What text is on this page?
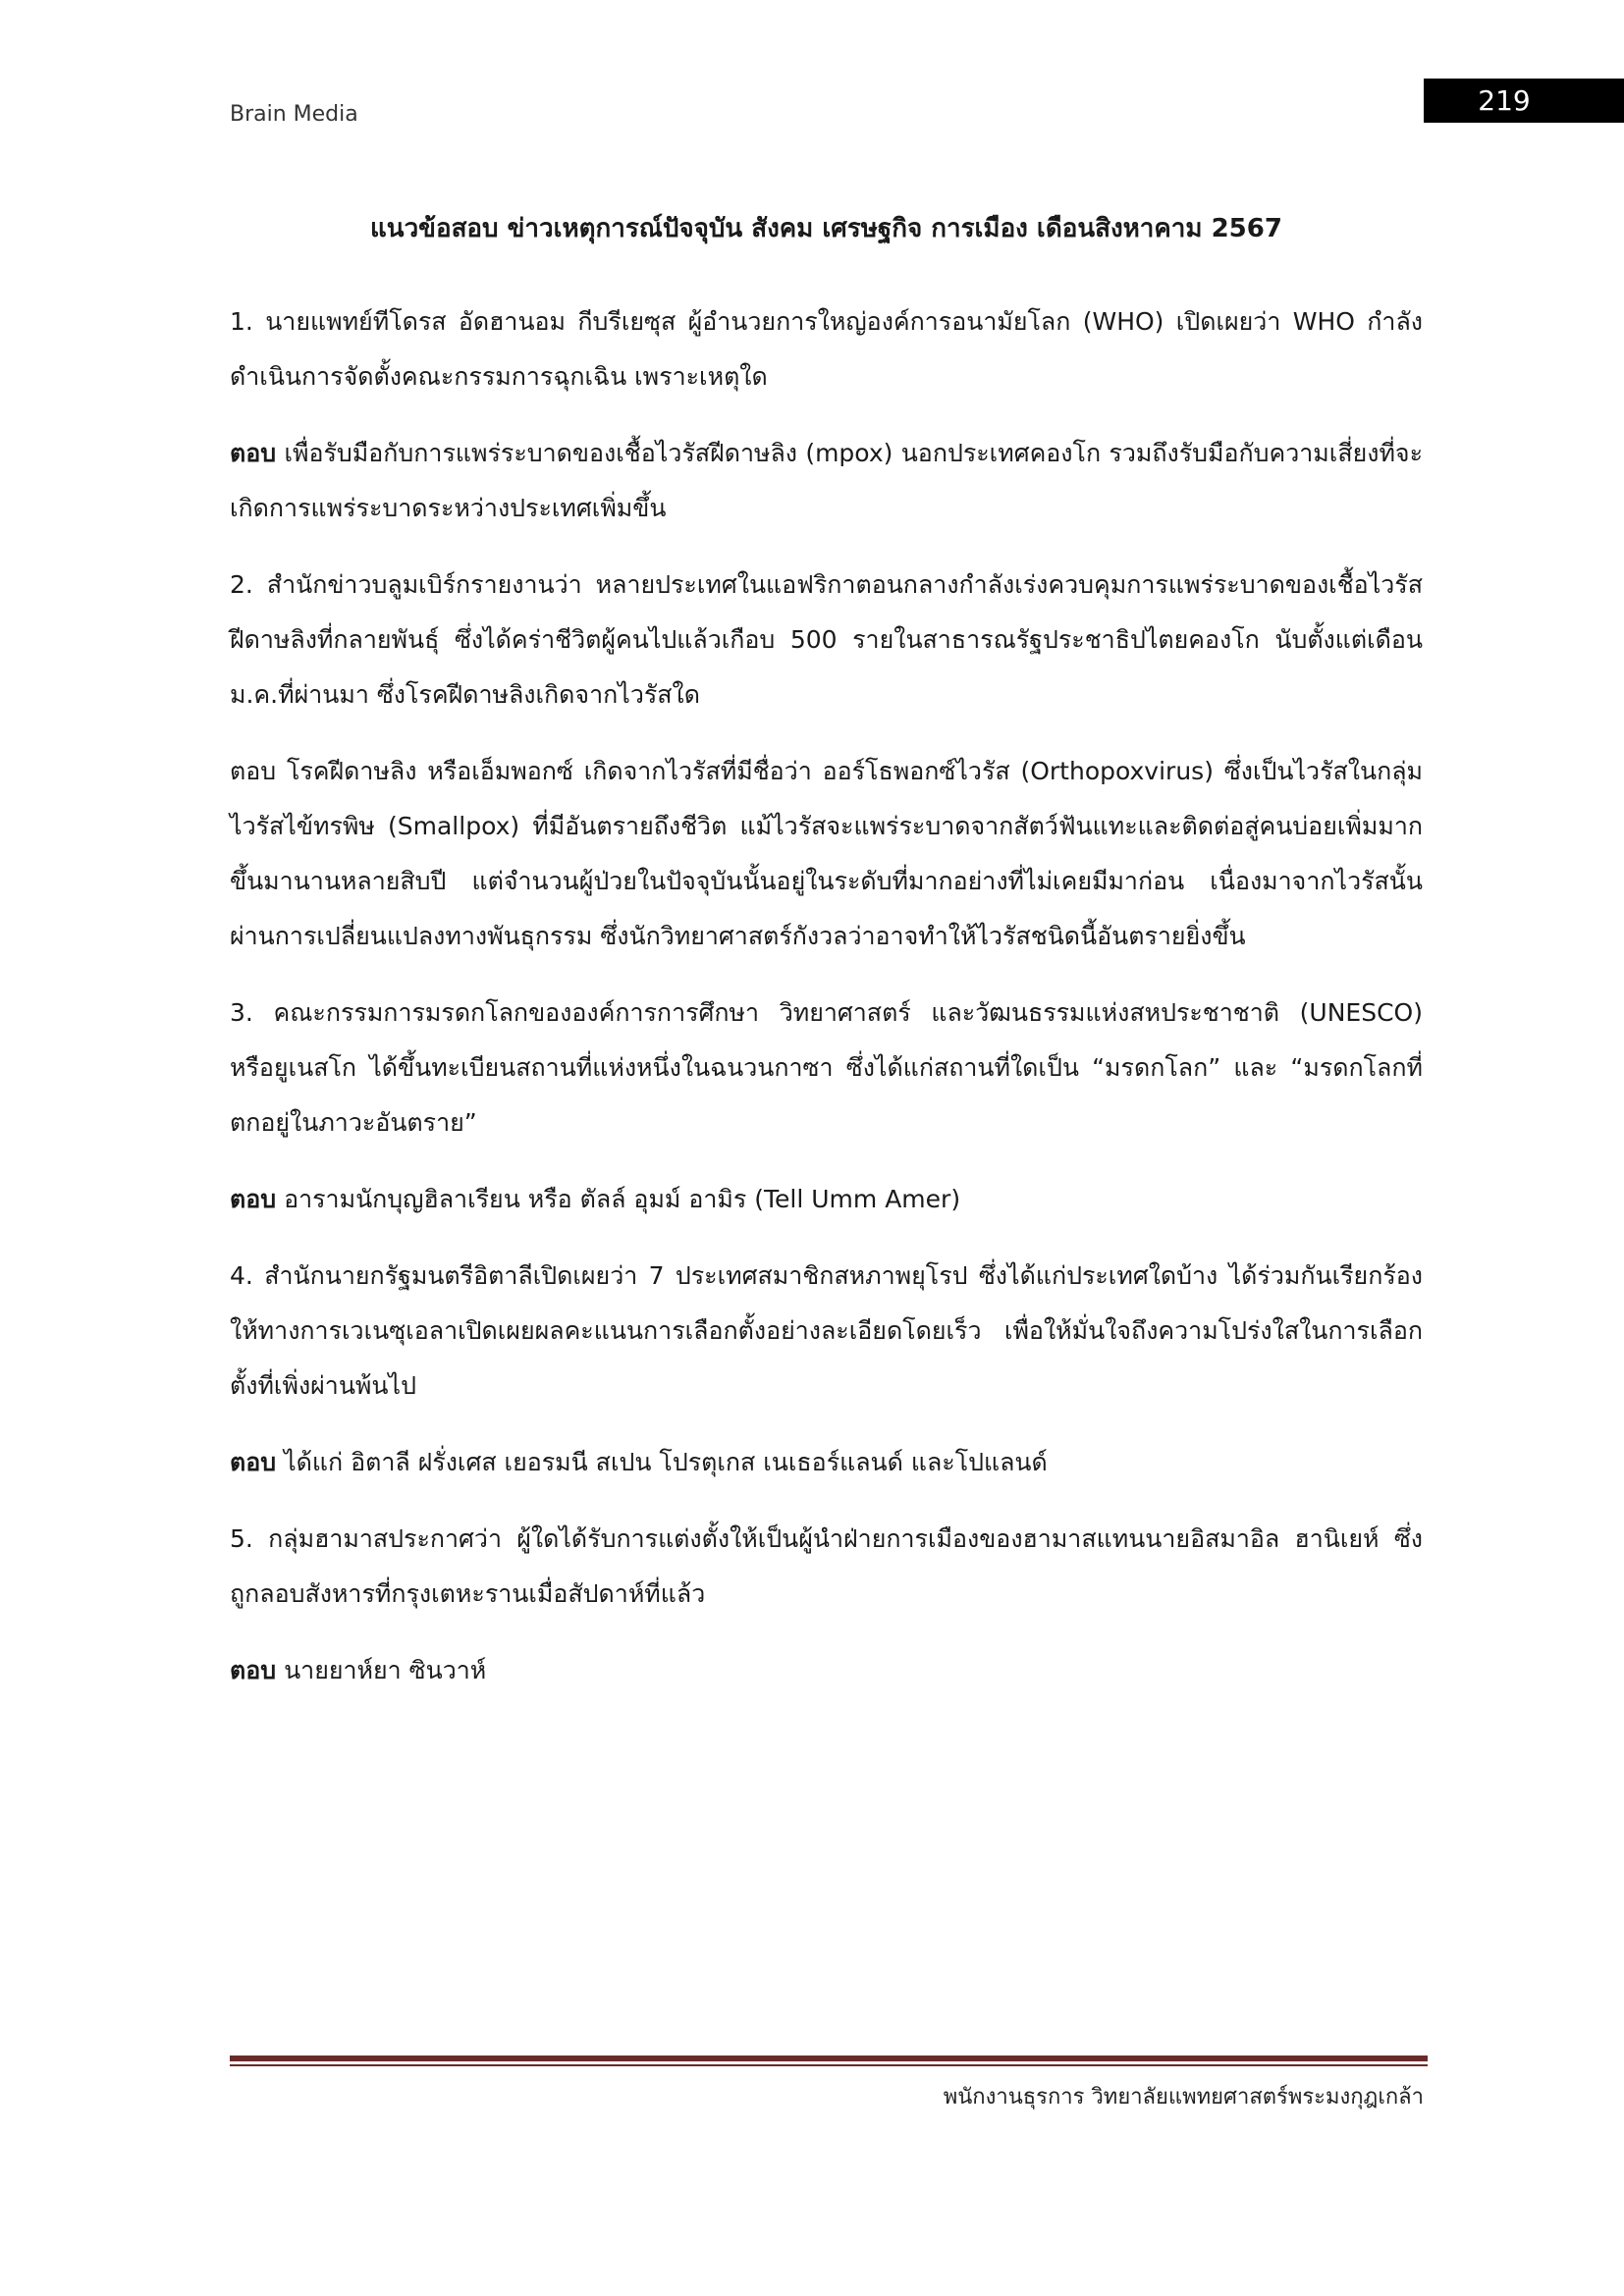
Brain Media	219
แนวข้อสอบ ข่าวเหตุการณ์ปัจจุบัน สังคม เศรษฐกิจ การเมือง เดือนสิงหาคาม 2567

1. นายแพทย์ทีโดรส อัดฮานอม กีบรีเยซุส ผู้อำนวยการใหญ่องค์การอนามัยโลก (WHO) เปิดเผยว่า WHO กำลังดำเนินการจัดตั้งคณะกรรมการฉุกเฉิน เพราะเหตุใด

ตอบ เพื่อรับมือกับการแพร่ระบาดของเชื้อไวรัสฝีดาษลิง (mpox) นอกประเทศคองโก รวมถึงรับมือกับความเสี่ยงที่จะเกิดการแพร่ระบาดระหว่างประเทศเพิ่มขึ้น

2. สำนักข่าวบลูมเบิร์กรายงานว่า หลายประเทศในแอฟริกาตอนกลางกำลังเร่งควบคุมการแพร่ระบาดของเชื้อไวรัสฝีดาษลิงที่กลายพันธุ์ ซึ่งได้คร่าชีวิตผู้คนไปแล้วเกือบ 500 รายในสาธารณรัฐประชาธิปไตยคองโก นับตั้งแต่เดือนม.ค.ที่ผ่านมา ซึ่งโรคฝีดาษลิงเกิดจากไวรัสใด

ตอบ โรคฝีดาษลิง หรือเอ็มพอกซ์ เกิดจากไวรัสที่มีชื่อว่า ออร์โธพอกซ์ไวรัส (Orthopoxvirus) ซึ่งเป็นไวรัสในกลุ่มไวรัสไข้ทรพิษ (Smallpox) ที่มีอันตรายถึงชีวิต แม้ไวรัสจะแพร่ระบาดจากสัตว์ฟันแทะและติดต่อสู่คนบ่อยเพิ่มมากขึ้นมานานหลายสิบปี แต่จำนวนผู้ป่วยในปัจจุบันนั้นอยู่ในระดับที่มากอย่างที่ไม่เคยมีมาก่อน เนื่องมาจากไวรัสนั้นผ่านการเปลี่ยนแปลงทางพันธุกรรม ซึ่งนักวิทยาศาสตร์กังวลว่าอาจทำให้ไวรัสชนิดนี้อันตรายยิ่งขึ้น

3. คณะกรรมการมรดกโลกขององค์การการศึกษา วิทยาศาสตร์ และวัฒนธรรมแห่งสหประชาชาติ (UNESCO) หรือยูเนสโก ได้ขึ้นทะเบียนสถานที่แห่งหนึ่งในฉนวนกาซา ซึ่งได้แก่สถานที่ใดเป็น “มรดกโลก” และ “มรดกโลกที่ตกอยู่ในภาวะอันตราย”

ตอบ อารามนักบุญฮิลาเรียน หรือ ตัลล์ อุมม์ อามิร (Tell Umm Amer)

4. สำนักนายกรัฐมนตรีอิตาลีเปิดเผยว่า 7 ประเทศสมาชิกสหภาพยุโรป ซึ่งได้แก่ประเทศใดบ้าง ได้ร่วมกันเรียกร้องให้ทางการเวเนซุเอลาเปิดเผยผลคะแนนการเลือกตั้งอย่างละเอียดโดยเร็ว เพื่อให้มั่นใจถึงความโปร่งใสในการเลือกตั้งที่เพิ่งผ่านพ้นไป

ตอบ ได้แก่ อิตาลี ฝรั่งเศส เยอรมนี สเปน โปรตุเกส เนเธอร์แลนด์ และโปแลนด์

5. กลุ่มฮามาสประกาศว่า ผู้ใดได้รับการแต่งตั้งให้เป็นผู้นำฝ่ายการเมืองของฮามาสแทนนายอิสมาอิล ฮานิเยห์ ซึ่งถูกลอบสังหารที่กรุงเตหะรานเมื่อสัปดาห์ที่แล้ว

ตอบ นายยาห์ยา ซินวาห์

พนักงานธุรการ วิทยาลัยแพทยศาสตร์พระมงกุฎเกล้า
